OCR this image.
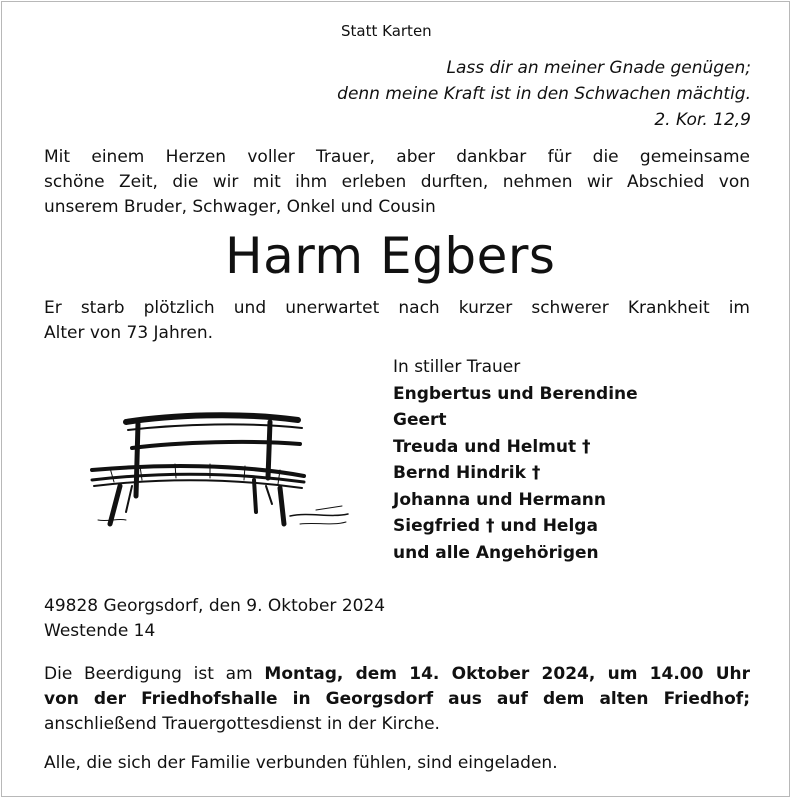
Statt Karten
Lass dir an meiner Gnade genügen;
denn meine Kraft ist in den Schwachen mächtig.
2. Kor. 12,9
Mit einem Herzen voller Trauer, aber dankbar für die gemeinsame
schöne Zeit, die wir mit ihm erleben durften, nehmen wir Abschied von
unserem Bruder, Schwager, Onkel und Cousin
Harm Egbers
Er starb plötzlich und unerwartet nach kurzer schwerer Krankheit im
Alter von 73 Jahren.
In stiller Trauer
Engbertus und Berendine
Geert
Treuda und Helmut †
Bernd Hindrik †
Johanna und Hermann
Siegfried † und Helga
und alle Angehörigen
49828 Georgsdorf, den 9. Oktober 2024
Westende 14
Die Beerdigung ist am Montag, dem 14. Oktober 2024, um 14.00 Uhr
von der Friedhofshalle in Georgsdorf aus auf dem alten Friedhof;
anschließend Trauergottesdienst in der Kirche.
Alle, die sich der Familie verbunden fühlen, sind eingeladen.
